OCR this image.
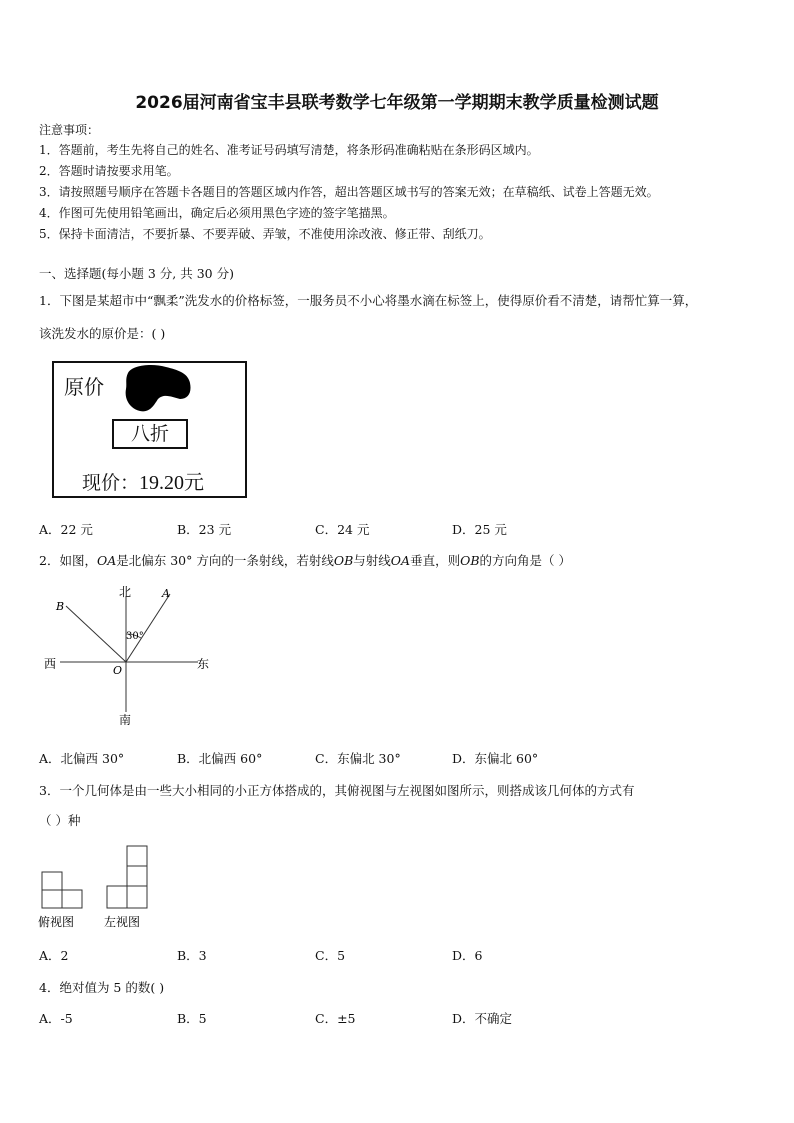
2026届河南省宝丰县联考数学七年级第一学期期末教学质量检测试题
注意事项：
1．答题前，考生先将自己的姓名、准考证号码填写清楚，将条形码准确粘贴在条形码区域内。
2．答题时请按要求用笔。
3．请按照题号顺序在答题卡各题目的答题区域内作答，超出答题区域书写的答案无效；在草稿纸、试卷上答题无效。
4．作图可先使用铅笔画出，确定后必须用黑色字迹的签字笔描黑。
5．保持卡面清洁，不要折暴、不要弄破、弄皱，不准使用涂改液、修正带、刮纸刀。
一、选择题(每小题 3 分, 共 30 分)
1．下图是某超市中“飘柔”洗发水的价格标签，一服务员不小心将墨水滴在标签上，使得原价看不清楚，请帮忙算一算，
该洗发水的原价是：( )
原价
八折
现价：19.20元
A．22 元	B．23 元	C．24 元	D．25 元
2．如图，OA是北偏东 30° 方向的一条射线，若射线OB与射线OA垂直，则OB的方向角是（ ）
北
南
东
西
A
B
O
30°
A．北偏西 30°	B．北偏西 60°	C．东偏北 30°	D．东偏北 60°
3．一个几何体是由一些大小相同的小正方体搭成的，其俯视图与左视图如图所示，则搭成该几何体的方式有
（ ）种
俯视图 左视图
A．2	B．3	C．5	D．6
4．绝对值为 5 的数( )
A．-5	B．5	C．±5	D．不确定
